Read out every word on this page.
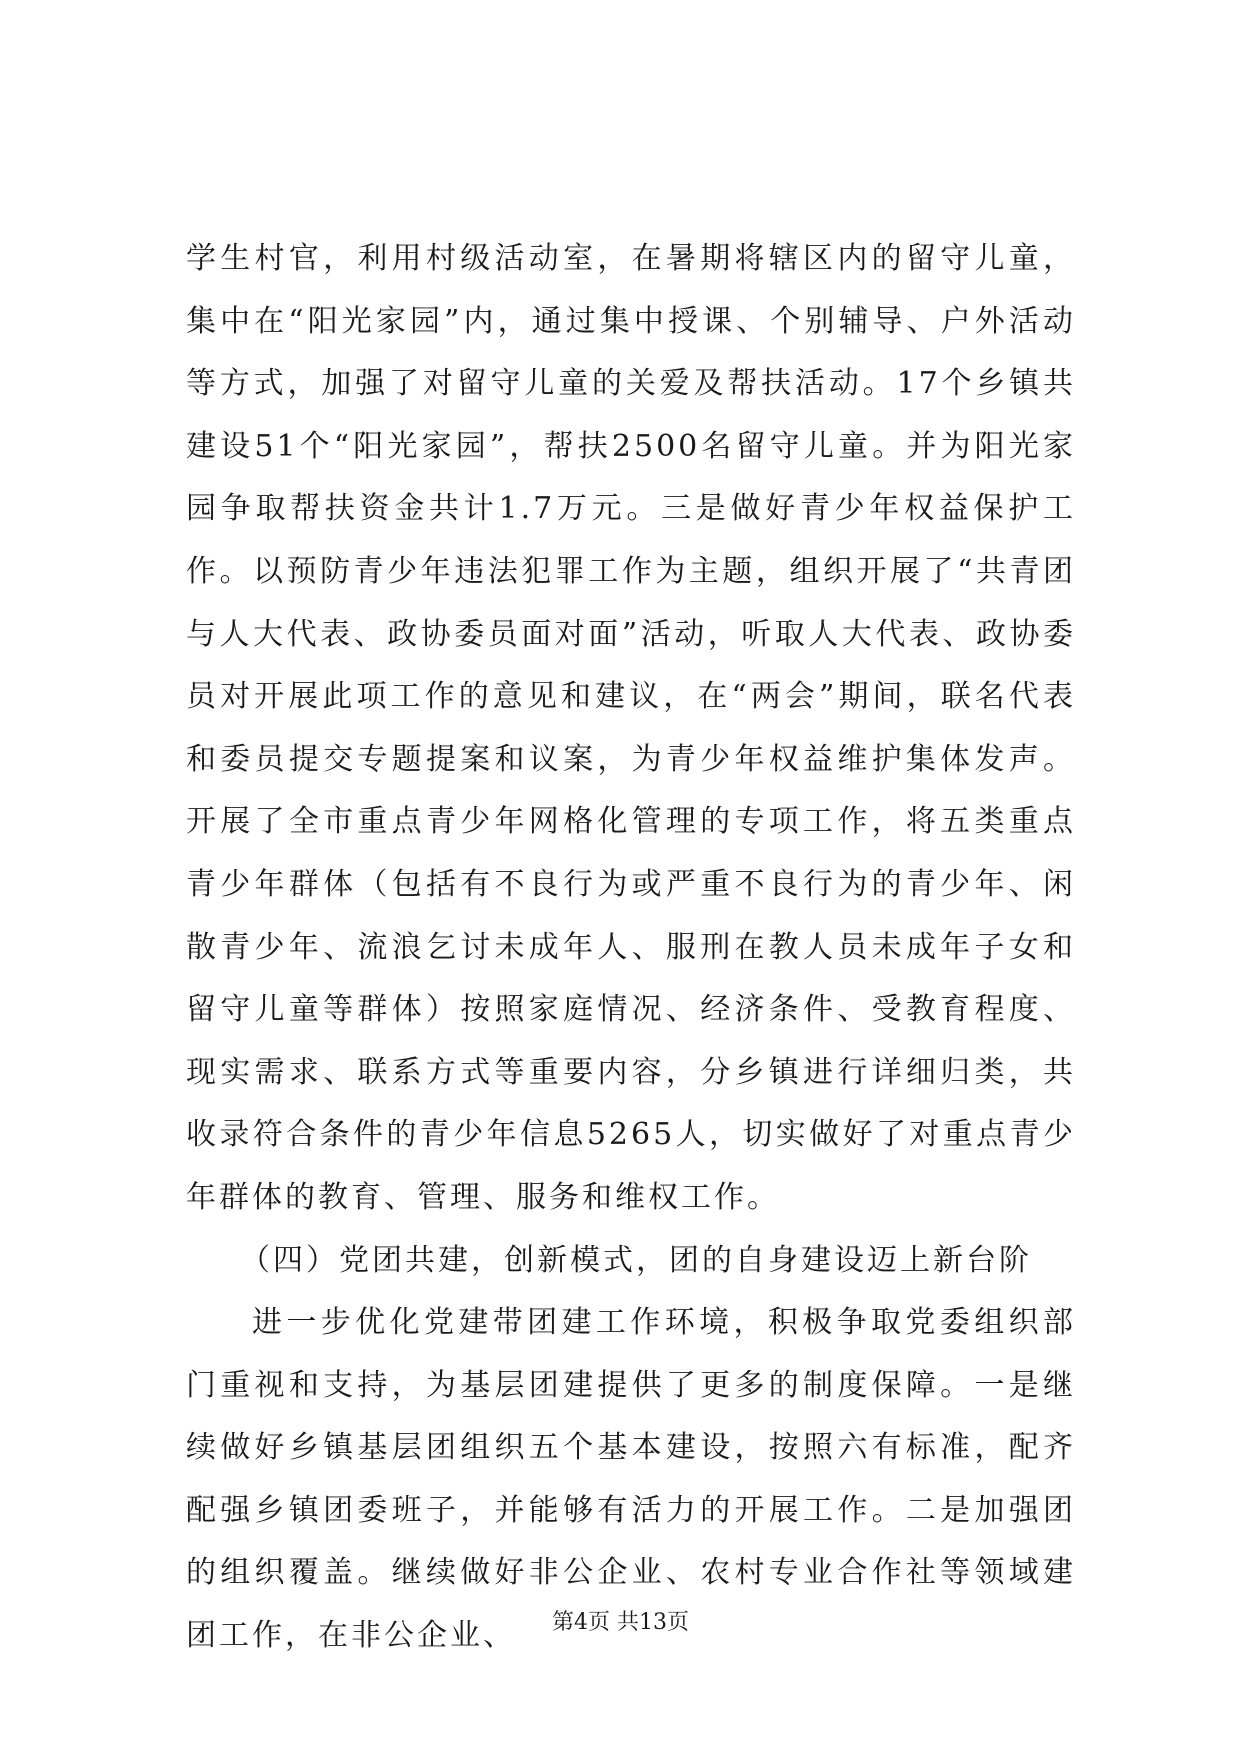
学生村官，利用村级活动室，在暑期将辖区内的留守儿童，集中在“阳光家园”内，通过集中授课、个别辅导、户外活动等方式，加强了对留守儿童的关爱及帮扶活动。17个乡镇共建设51个“阳光家园”，帮扶2500名留守儿童。并为阳光家园争取帮扶资金共计1.7万元。三是做好青少年权益保护工作。以预防青少年违法犯罪工作为主题，组织开展了“共青团与人大代表、政协委员面对面”活动，听取人大代表、政协委员对开展此项工作的意见和建议，在“两会”期间，联名代表和委员提交专题提案和议案，为青少年权益维护集体发声。开展了全市重点青少年网格化管理的专项工作，将五类重点青少年群体（包括有不良行为或严重不良行为的青少年、闲散青少年、流浪乞讨未成年人、服刑在教人员未成年子女和留守儿童等群体）按照家庭情况、经济条件、受教育程度、现实需求、联系方式等重要内容，分乡镇进行详细归类，共收录符合条件的青少年信息5265人，切实做好了对重点青少年群体的教育、管理、服务和维权工作。

（四）党团共建，创新模式，团的自身建设迈上新台阶

进一步优化党建带团建工作环境，积极争取党委组织部门重视和支持，为基层团建提供了更多的制度保障。一是继续做好乡镇基层团组织五个基本建设，按照六有标准，配齐配强乡镇团委班子，并能够有活力的开展工作。二是加强团的组织覆盖。继续做好非公企业、农村专业合作社等领域建团工作，在非公企业、	第4页 共13页
